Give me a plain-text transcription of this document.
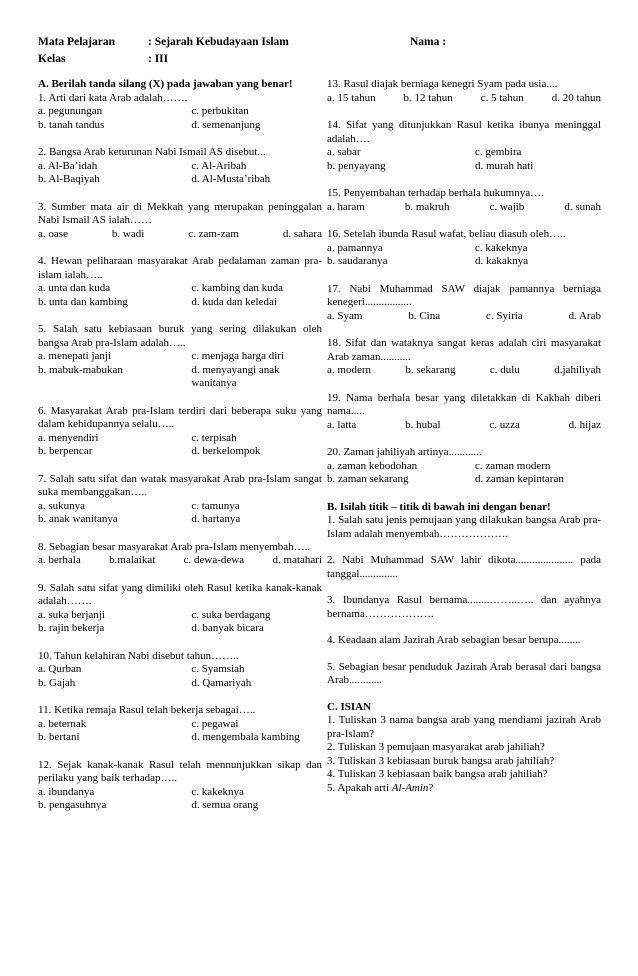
Mata Pelajaran	: Sejarah Kebudayaan Islam	Nama :
Kelas	: III
A. Berilah tanda silang (X) pada jawaban yang benar!
1. Arti dari kata Arab adalah…….
a. pegunungan	c. perbukitan
b. tanah tandus	d. semenanjung
2. Bangsa Arab keturunan Nabi Ismail AS disebut...
a. Al-Ba’idah	c. Al-Aribah
b. Al-Baqiyah	d. Al-Musta’ribah
3. Sumber mata air di Mekkah yang merupakan peninggalan Nabi Ismail AS ialah……
a. oase	b. wadi	c. zam-zam	d. sahara
4. Hewan peliharaan masyarakat Arab pedalaman zaman pra-islam ialah…..
a. unta dan kuda	c. kambing dan kuda
b. unta dan kambing	d. kuda dan keledai
5. Salah satu kebiasaan buruk yang sering dilakukan oleh bangsa Arab pra-Islam adalah…..
a. menepati janji	c. menjaga harga diri
b. mabuk-mabukan	d. menyayangi anak wanitanya
6. Masyarakat Arab pra-Islam terdiri dari beberapa suku yang dalam kehidupannya selalu…..
a. menyendiri	c. terpisah
b. berpencar	d. berkelompok
7. Salah satu sifat dan watak masyarakat Arab pra-Islam sangat suka membanggakan…..
a. sukunya	c. tamunya
b. anak wanitanya	d. hartanya
8. Sebagian besar masyarakat Arab pra-Islam menyembah…..
a. berhala	b.malaikat	c. dewa-dewa	d. matahari
9. Salah satu sifat yang dimiliki oleh Rasul ketika kanak-kanak adalah…….
a. suka berjanji	c. suka berdagang
b. rajin bekerja	d. banyak bicara
10. Tahun kelahiran Nabi disebut tahun……..
a. Qurban	c. Syamsiah
b. Gajah	d. Qamariyah
11. Ketika remaja Rasul telah bekerja sebagai…..
a. beternak	c. pegawai
b. bertani	d. mengembala kambing
12. Sejak kanak-kanak Rasul telah mennunjukkan sikap dan perilaku yang baik terhadap…..
a. ibundanya	c. kakeknya
b. pengasuhnya	d. semua orang
13. Rasul diajak berniaga kenegri Syam pada usia....
a. 15 tahun	b. 12 tahun	c. 5 tahun	d. 20 tahun
14. Sifat yang ditunjukkan Rasul ketika ibunya meninggal adalah….
a. sabar	c. gembira
b. penyayang	d. murah hati
15. Penyembahan terhadap berhala hukumnya….
a. haram	b. makruh	c. wajib	d. sunah
16. Setelah ibunda Rasul wafat, beliau diasuh oleh…..
a. pamannya	c. kakeknya
b. saudaranya	d. kakaknya
17. Nabi Muhammad SAW diajak pamannya berniaga kenegeri.................
a. Syam	b. Cina	c. Syiria	d. Arab
18. Sifat dan wataknya sangat keras adalah ciri masyarakat Arab zaman...........
a. modern	b. sekarang	c. dulu	d.jahiliyah
19. Nama berhala besar yang diletakkan di Kakbah diberi nama.....
a. latta	b. hubal	c. uzza	d. hijaz
20. Zaman jahiliyah artinya............
a. zaman kebodohan	c. zaman modern
b. zaman sekarang	d. zaman kepintaran
B. Isilah titik – titik di bawah ini dengan benar!
1. Salah satu jenis pemujaan yang dilakukan bangsa Arab pra-Islam adalah menyembah……………….
2. Nabi Muhammad SAW lahir dikota..................... pada tanggal..............
3. Ibundanya Rasul bernama........……..….. dan ayahnya bernama……………….
4. Keadaan alam Jazirah Arab sebagian besar berupa........
5. Sebagian besar penduduk Jazirah Arab berasal dari bangsa Arab............
C. ISIAN
1. Tuliskan 3 nama bangsa arab yang mendiami jazirah Arab pra-Islam?
2. Tuliskan 3 pemujaan masyarakat arab jahiliah?
3. Tuliskan 3 kebiasaan buruk bangsa arab jahiliah?
4. Tuliskan 3 kebiasaan baik bangsa arab jahiliah?
5. Apakah arti Al-Amin?
